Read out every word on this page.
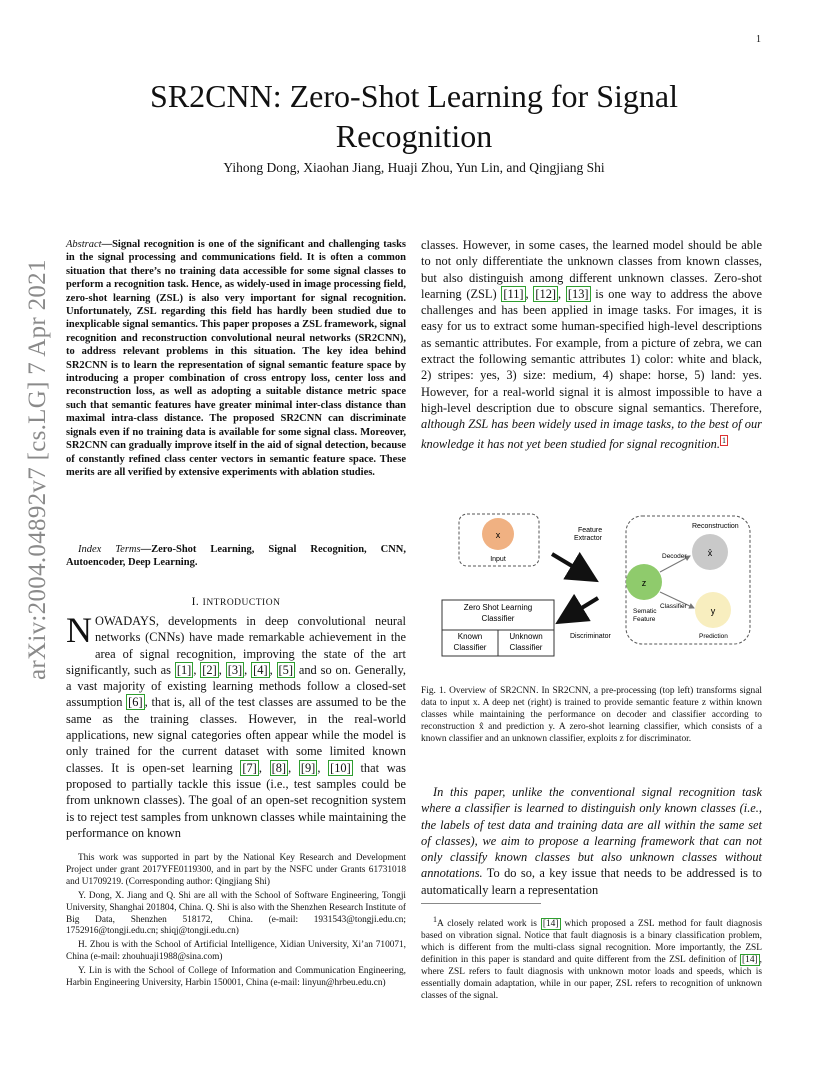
1
arXiv:2004.04892v7 [cs.LG] 7 Apr 2021
SR2CNN: Zero-Shot Learning for Signal Recognition
Yihong Dong, Xiaohan Jiang, Huaji Zhou, Yun Lin, and Qingjiang Shi
Abstract—Signal recognition is one of the significant and challenging tasks in the signal processing and communications field. It is often a common situation that there’s no training data accessible for some signal classes to perform a recognition task. Hence, as widely-used in image processing field, zero-shot learning (ZSL) is also very important for signal recognition. Unfortunately, ZSL regarding this field has hardly been studied due to inexplicable signal semantics. This paper proposes a ZSL framework, signal recognition and reconstruction convolutional neural networks (SR2CNN), to address relevant problems in this situation. The key idea behind SR2CNN is to learn the representation of signal semantic feature space by introducing a proper combination of cross entropy loss, center loss and reconstruction loss, as well as adopting a suitable distance metric space such that semantic features have greater minimal inter-class distance than maximal intra-class distance. The proposed SR2CNN can discriminate signals even if no training data is available for some signal class. Moreover, SR2CNN can gradually improve itself in the aid of signal detection, because of constantly refined class center vectors in semantic feature space. These merits are all verified by extensive experiments with ablation studies.
Index Terms—Zero-Shot Learning, Signal Recognition, CNN, Autoencoder, Deep Learning.
I. INTRODUCTION
NOWADAYS, developments in deep convolutional neural networks (CNNs) have made remarkable achievement in the area of signal recognition, improving the state of the art significantly, such as [1] , [2] , [3] , [4] , [5] and so on. Generally, a vast majority of existing learning methods follow a closed-set assumption [6] , that is, all of the test classes are assumed to be the same as the training classes. However, in the real-world applications, new signal categories often appear while the model is only trained for the current dataset with some limited known classes. It is open-set learning [7] , [8] , [9] , [10] that was proposed to partially tackle this issue (i.e., test samples could be from unknown classes). The goal of an open-set recognition system is to reject test samples from unknown classes while maintaining the performance on known

This work was supported in part by the National Key Research and Development Project under grant 2017YFE0119300, and in part by the NSFC under Grants 61731018 and U1709219. (Corresponding author: Qingjiang Shi)

Y. Dong, X. Jiang and Q. Shi are all with the School of Software Engineering, Tongji University, Shanghai 201804, China. Q. Shi is also with the Shenzhen Research Institute of Big Data, Shenzhen 518172, China. (e-mail: 1931543@tongji.edu.cn; 1752916@tongji.edu.cn; shiqj@tongji.edu.cn)

H. Zhou is with the School of Artificial Intelligence, Xidian University, Xi’an 710071, China (e-mail: zhouhuaji1988@sina.com)

Y. Lin is with the School of College of Information and Communication Engineering, Harbin Engineering University, Harbin 150001, China (e-mail: linyun@hrbeu.edu.cn)

classes. However, in some cases, the learned model should be able to not only differentiate the unknown classes from known classes, but also distinguish among different unknown classes. Zero-shot learning (ZSL) [11] , [12] , [13] is one way to address the above challenges and has been applied in image tasks. For images, it is easy for us to extract some human-specified high-level descriptions as semantic attributes. For example, from a picture of zebra, we can extract the following semantic attributes 1) color: white and black, 2) stripes: yes, 3) size: medium, 4) shape: horse, 5) land: yes. However, for a real-world signal it is almost impossible to have a high-level description due to obscure signal semantics. Therefore, although ZSL has been widely used in image tasks, to the best of our knowledge it has not yet been studied for signal recognition. $^1$
x
Input
Feature Extractor
Reconstruction
x̂
z
y
Decoder
Classifier
Sematic Feature
Prediction
Discriminator
Zero Shot Learning Classifier
Known Classifier
Unknown Classifier
Fig. 1. Overview of SR2CNN. In SR2CNN, a pre-processing (top left) transforms signal data to input x. A deep net (right) is trained to provide semantic feature z within known classes while maintaining the performance on decoder and classifier according to reconstruction x̂ and prediction y. A zero-shot learning classifier, which consists of a known classifier and an unknown classifier, exploits z for discriminator.
In this paper, unlike the conventional signal recognition task where a classifier is learned to distinguish only known classes (i.e., the labels of test data and training data are all within the same set of classes), we aim to propose a learning framework that can not only classify known classes but also unknown classes without annotations. To do so, a key issue that needs to be addressed is to automatically learn a representation
$^1$A closely related work is [14] which proposed a ZSL method for fault diagnosis based on vibration signal. Notice that fault diagnosis is a binary classification problem, which is different from the multi-class signal recognition. More importantly, the ZSL definition in this paper is standard and quite different from the ZSL definition of [14] , where ZSL refers to fault diagnosis with unknown motor loads and speeds, which is essentially domain adaptation, while in our paper, ZSL refers to recognition of unknown classes of the signal.
